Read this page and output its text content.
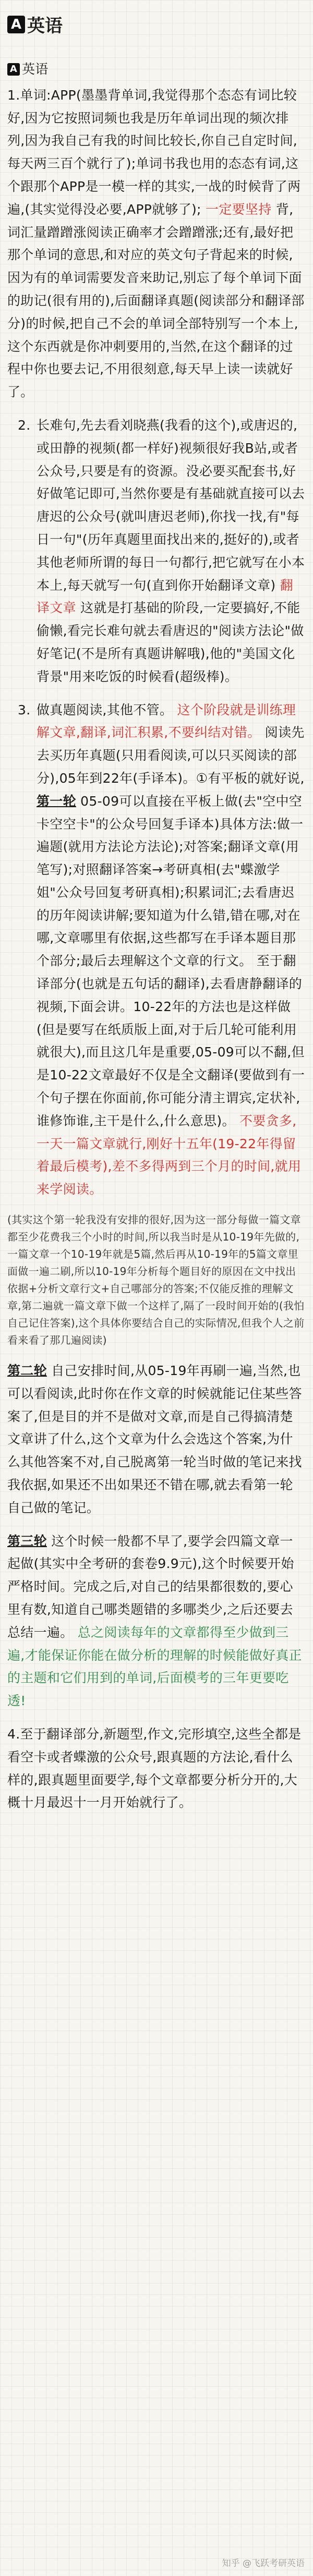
A 英语
A 英语

1.单词:APP(墨墨背单词,我觉得那个态态有词比较好,因为它按照词频也我是历年单词出现的频次排列,因为我自己有我的时间比较长,你自己自定时间,每天两三百个就行了);单词书我也用的态态有词,这个跟那个APP是一模一样的其实,一战的时候背了两遍,(其实觉得没必要,APP就够了); 一定要坚持 背,词汇量蹭蹭涨阅读正确率才会蹭蹭涨;还有,最好把那个单词的意思,和对应的英文句子背起来的时候,因为有的单词需要发音来助记,别忘了每个单词下面的助记(很有用的),后面翻译真题(阅读部分和翻译部分)的时候,把自己不会的单词全部特别写一个本上,这个东西就是你冲刺要用的,当然,在这个翻译的过程中你也要去记,不用很刻意,每天早上读一读就好了。

2. 长难句,先去看刘晓燕(我看的这个),或唐迟的,或田静的视频(都一样好)视频很好我B站,或者公众号,只要是有的资源。没必要买配套书,好好做笔记即可,当然你要是有基础就直接可以去唐迟的公众号(就叫唐迟老师),你找一找,有"每日一句"(历年真题里面找出来的,挺好的),或者其他老师所谓的每日一句都行,把它就写在小本本上,每天就写一句(直到你开始翻译文章) 翻译文章 这就是打基础的阶段,一定要搞好,不能偷懒,看完长难句就去看唐迟的"阅读方法论"做好笔记(不是所有真题讲解哦),他的"美国文化背景"用来吃饭的时候看(超级棒)。
3. 做真题阅读,其他不管。 这个阶段就是训练理解文章,翻译,词汇积累,不要纠结对错。 阅读先去买历年真题(只用看阅读,可以只买阅读的部分),05年到22年(手译本)。①有平板的就好说, 第一轮 05-09可以直接在平板上做(去"空中空卡空空卡"的公众号回复手译本)具体方法:做一遍题(就用方法论方法论);对答案;翻译文章(用笔写);对照翻译答案→考研真相(去"蝶激学姐"公众号回复考研真相);积累词汇;去看唐迟的历年阅读讲解;要知道为什么错,错在哪,对在哪,文章哪里有依据,这些都写在手译本题目那个部分;最后去理解这个文章的行文。 至于翻译部分(也就是五句话的翻译),去看唐静翻译的视频,下面会讲。10-22年的方法也是这样做(但是要写在纸质版上面,对于后几轮可能利用就很大),而且这几年是重要,05-09可以不翻,但是10-22文章最好不仅是全文翻译(要做到有一个句子摆在你面前,你可能分清主谓宾,定状补,谁修饰谁,主干是什么,什么意思)。 不要贪多,一天一篇文章就行,刚好十五年(19-22年得留着最后模考),差不多得两到三个月的时间,就用来学阅读。

(其实这个第一轮我没有安排的很好,因为这一部分每做一篇文章都至少花费我三个小时的时间,所以我当时是从10-19年先做的,一篇文章一个10-19年就是5篇,然后再从10-19年的5篇文章里面做一遍二刷,所以10-19年分析每个题目好的原因在文中找出依据+分析文章行文+自己哪部分的答案;不仅能反推的理解文章,第二遍就一篇文章下做一个这样了,隔了一段时间开始的(我怕自己记住答案),这个具体你要结合自己的实际情况,但我个人之前看来看了那几遍阅读)

第二轮 自己安排时间,从05-19年再刷一遍,当然,也可以看阅读,此时你在作文章的时候就能记住某些答案了,但是目的并不是做对文章,而是自己得搞清楚文章讲了什么,这个文章为什么会选这个答案,为什么其他答案不对,自己脱离第一轮当时做的笔记来找我依据,如果还不出如果还不错在哪,就去看第一轮自己做的笔记。

第三轮 这个时候一般都不早了,要学会四篇文章一起做(其实中全考研的套卷9.9元),这个时候要开始严格时间。完成之后,对自己的结果都很数的,要心里有数,知道自己哪类题错的多哪类少,之后还要去总结一遍。 总之阅读每年的文章都得至少做到三遍,才能保证你能在做分析的理解的时候能做好真正的主题和它们用到的单词,后面模考的三年更要吃透!

4.至于翻译部分,新题型,作文,完形填空,这些全都是看空卡或者蝶激的公众号,跟真题的方法论,看什么样的,跟真题里面要学,每个文章都要分析分开的,大概十月最迟十一月开始就行了。

知乎 @飞跃考研英语
